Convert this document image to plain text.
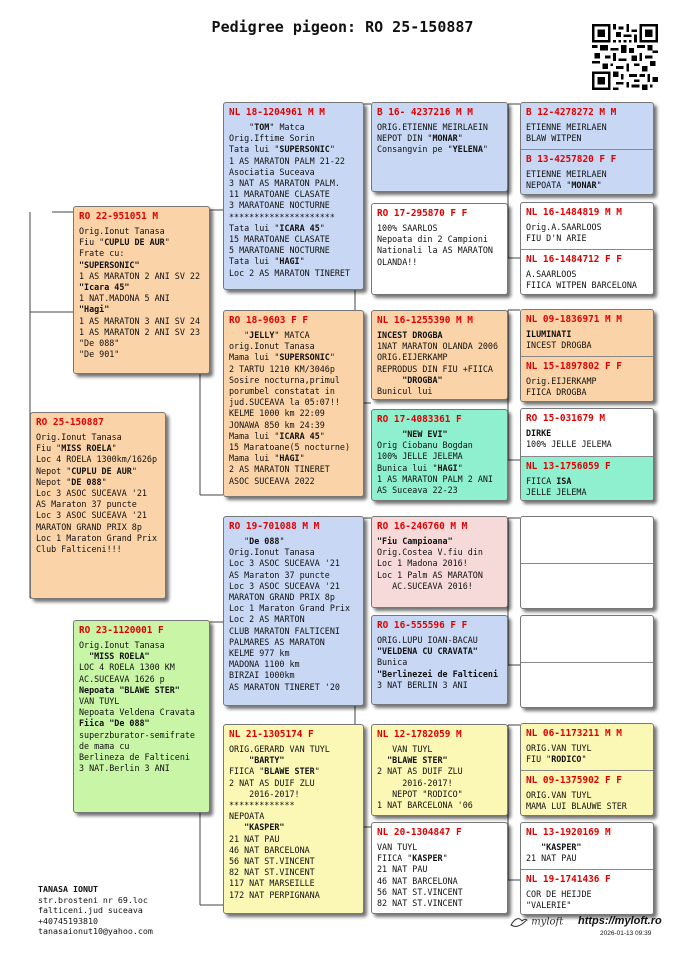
Pedigree pigeon: RO 25-150887
RO 25-150887
Orig.Ionut Tanasa
Fiu "MISS ROELA"
Loc 4 ROELA 1300km/1626p
Nepot "CUPLU DE AUR"
Nepot "DE 088"
Loc 3 ASOC SUCEAVA '21
AS Maraton 37 puncte
Loc 3 ASOC SUCEAVA '21
MARATON GRAND PRIX 8p
Loc 1 Maraton Grand Prix
Club Falticeni!!!
RO 22-951051 M
Orig.Ionut Tanasa
Fiu "CUPLU DE AUR"
Frate cu:
"SUPERSONIC"
1 AS MARATON 2 ANI SV 22
"Icara 45"
1 NAT.MADONA 5 ANI
"Hagi"
1 AS MARATON 3 ANI SV 24
1 AS MARATON 2 ANI SV 23
"De 088"
"De 901"
RO 23-1120001 F
Orig.Ionut Tanasa
"MISS ROELA"
LOC 4 ROELA 1300 KM
AC.SUCEAVA 1626 p
Nepoata "BLAWE STER"
VAN TUYL
Nepoata Veldena Cravata
Fiica "De 088"
superzburator-semifrate
de mama cu
Berlineza de Falticeni
3 NAT.Berlin 3 ANI
NL 18-1204961 M M
"TOM" Matca
Orig.Iftime Sorin
Tata lui "SUPERSONIC"
1 AS MARATON PALM 21-22
Asociatia Suceava
3 NAT AS MARATON PALM.
11 MARATOANE CLASATE
3 MARATOANE NOCTURNE
*********************
Tata lui "ICARA 45"
15 MARATOANE CLASATE
5 MARATOANE NOCTURNE
Tata lui "HAGI"
Loc 2 AS MARATON TINERET
RO 18-9603 F F
"JELLY" MATCA
orig.Ionut Tanasa
Mama lui "SUPERSONIC"
2 TARTU 1210 KM/3046p
Sosire nocturna,primul
porumbel constatat in
jud.SUCEAVA la 05:07!!
KELME 1000 km 22:09
JONAWA 850 km 24:39
Mama lui "ICARA 45"
15 Maratoane(5 nocturne)
Mama lui "HAGI"
2 AS MARATON TINERET
ASOC SUCEAVA 2022
RO 19-701088 M M
"De 088"
Orig.Ionut Tanasa
Loc 3 ASOC SUCEAVA '21
AS Maraton 37 puncte
Loc 3 ASOC SUCEAVA '21
MARATON GRAND PRIX 8p
Loc 1 Maraton Grand Prix
Loc 2 AS MARTON
CLUB MARATON FALTICENI
PALMARES AS MARATON
KELME 977 km
MADONA 1100 km
BIRZAI 1000km
AS MARATON TINERET '20
NL 21-1305174 F
ORIG.GERARD VAN TUYL
"BARTY"
FIICA "BLAWE STER"
2 NAT AS DUIF ZLU
2016-2017!
*************
NEPOATA
"KASPER"
21 NAT PAU
46 NAT BARCELONA
56 NAT ST.VINCENT
82 NAT ST.VINCENT
117 NAT MARSEILLE
172 NAT PERPIGNANA
B 16- 4237216 M M
ORIG.ETIENNE MEIRLAEIN
NEPOT DIN "MONAR"
Consangvin pe "YELENA"
RO 17-295870 F F
100% SAARLOS
Nepoata din 2 Campioni
Nationali la AS MARATON
OLANDA!!
NL 16-1255390 M M
INCEST DROGBA
1NAT MARATON OLANDA 2006
ORIG.EIJERKAMP
REPRODUS DIN FIU +FIICA
"DROGBA"
Bunicul lui
RO 17-4083361 F
"NEW EVI"
Orig Ciobanu Bogdan
100% JELLE JELEMA
Bunica lui "HAGI"
1 AS MARATON PALM 2 ANI
AS Suceava 22-23
RO 16-246760 M M
"Fiu Campioana"
Orig.Costea V.fiu din
Loc 1 Madona 2016!
Loc 1 Palm AS MARATON
AC.SUCEAVA 2016!
RO 16-555596 F F
ORIG.LUPU IOAN-BACAU
"VELDENA CU CRAVATA"
Bunica
"Berlinezei de Falticeni
3 NAT BERLIN 3 ANI
NL 12-1782059 M
VAN TUYL
"BLAWE STER"
2 NAT AS DUIF ZLU
2016-2017!
NEPOT "RODICO"
1 NAT BARCELONA '06
NL 20-1304847 F
VAN TUYL
FIICA "KASPER"
21 NAT PAU
46 NAT BARCELONA
56 NAT ST.VINCENT
82 NAT ST.VINCENT
B 12-4278272 M M
ETIENNE MEIRLAEN
BLAW WITPEN
B 13-4257820 F F
ETIENNE MEIRLAEN
NEPOATA "MONAR"
NL 16-1484819 M M
Orig.A.SAARLOOS
FIU D'N ARIE
NL 16-1484712 F F
A.SAARLOOS
FIICA WITPEN BARCELONA
NL 09-1836971 M M
ILUMINATI
INCEST DROGBA
NL 15-1897802 F F
Orig.EIJERKAMP
FIICA DROGBA
RO 15-031679 M
DIRKE
100% JELLE JELEMA
NL 13-1756059 F
FIICA ISA
JELLE JELEMA
NL 06-1173211 M M
ORIG.VAN TUYL
FIU "RODICO"
NL 09-1375902 F F
ORIG.VAN TUYL
MAMA LUI BLAUWE STER
NL 13-1920169 M
"KASPER"
21 NAT PAU
NL 19-1741436 F
COR DE HEIJDE
"VALERIE"
TANASA IONUT
str.brosteni nr 69.loc
falticeni.jud suceava
+40745193810
tanasaionut10@yahoo.com
myloft https://myloft.ro
2026-01-13 09:39
